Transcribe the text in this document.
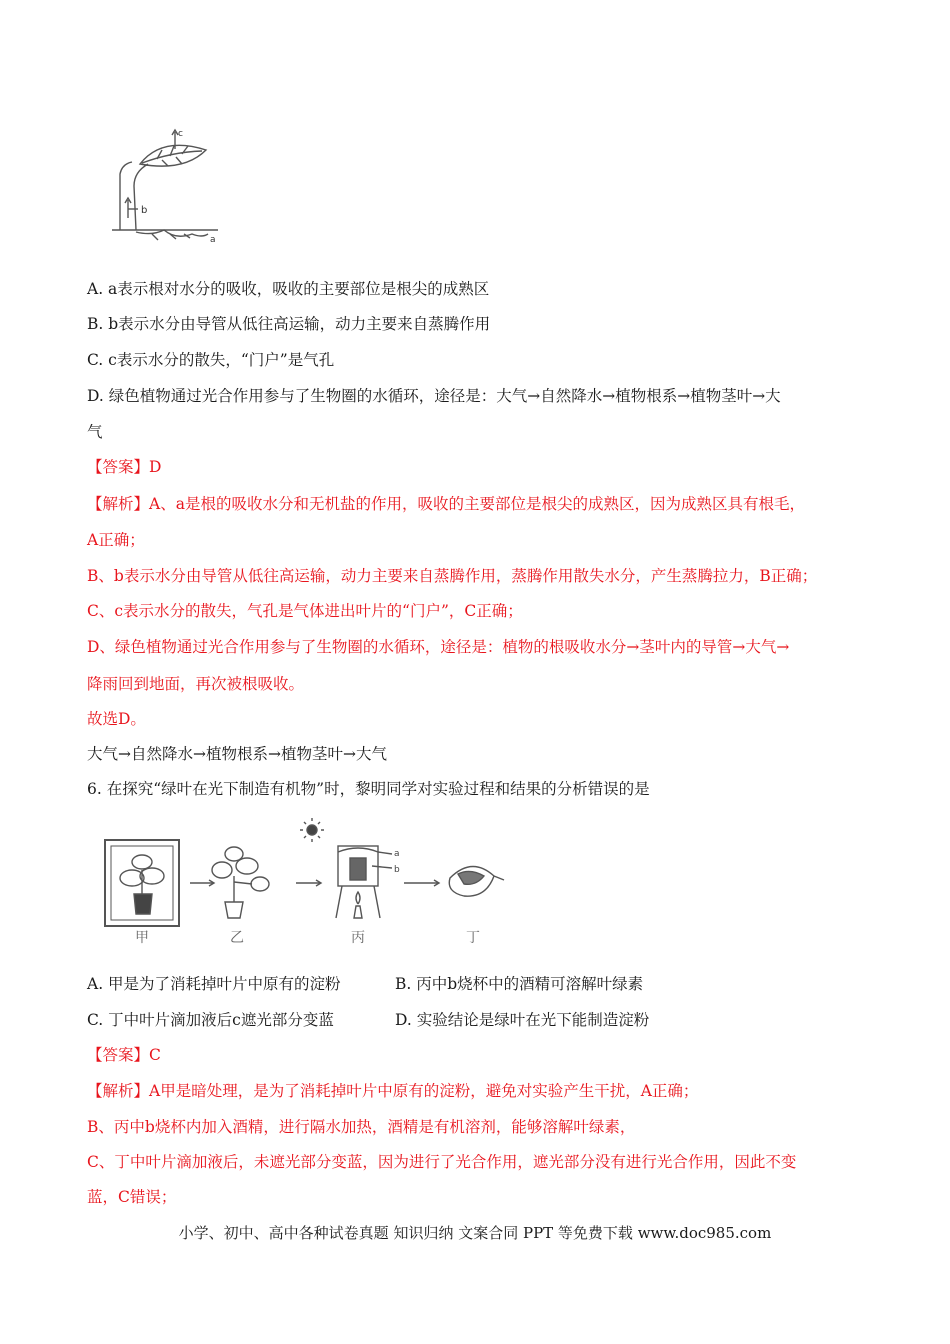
c
b
a
A. a表示根对水分的吸收，吸收的主要部位是根尖的成熟区
B. b表示水分由导管从低往高运输，动力主要来自蒸腾作用
C. c表示水分的散失，“门户”是气孔
D. 绿色植物通过光合作用参与了生物圈的水循环，途径是：大气→自然降水→植物根系→植物茎叶→大
气
【答案】D
【解析】A、a是根的吸收水分和无机盐的作用，吸收的主要部位是根尖的成熟区，因为成熟区具有根毛，
A正确；
B、b表示水分由导管从低往高运输，动力主要来自蒸腾作用，蒸腾作用散失水分，产生蒸腾拉力，B正确；
C、c表示水分的散失，气孔是气体进出叶片的“门户”，C正确；
D、绿色植物通过光合作用参与了生物圈的水循环，途径是：植物的根吸收水分→茎叶内的导管→大气→
降雨回到地面，再次被根吸收。
故选D。
大气→自然降水→植物根系→植物茎叶→大气
6. 在探究“绿叶在光下制造有机物”时，黎明同学对实验过程和结果的分析错误的是
a
b
甲	乙	丙	丁
A. 甲是为了消耗掉叶片中原有的淀粉	B. 丙中b烧杯中的酒精可溶解叶绿素
C. 丁中叶片滴加液后c遮光部分变蓝	D. 实验结论是绿叶在光下能制造淀粉
【答案】C
【解析】A甲是暗处理，是为了消耗掉叶片中原有的淀粉，避免对实验产生干扰，A正确；
B、丙中b烧杯内加入酒精，进行隔水加热，酒精是有机溶剂，能够溶解叶绿素，
C、丁中叶片滴加液后，未遮光部分变蓝，因为进行了光合作用，遮光部分没有进行光合作用，因此不变
蓝，C错误；
小学、初中、高中各种试卷真题 知识归纳 文案合同 PPT 等免费下载 www.doc985.com
